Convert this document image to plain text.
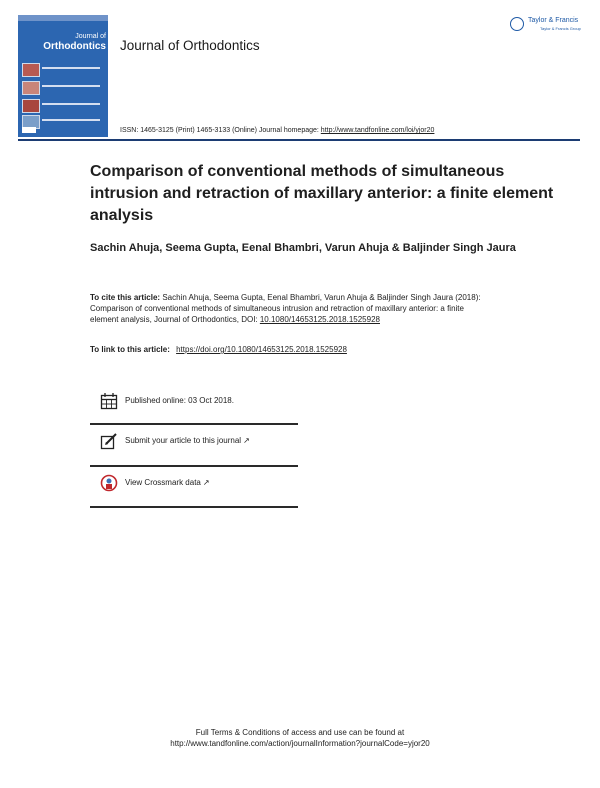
Journal of
Orthodontics Journal of Orthodontics
Taylor & Francis
Taylor & Francis Group
ISSN: 1465-3125 (Print) 1465-3133 (Online) Journal homepage: http://www.tandfonline.com/loi/yjor20
Comparison of conventional methods of simultaneous intrusion and retraction of maxillary anterior: a finite element analysis
Sachin Ahuja, Seema Gupta, Eenal Bhambri, Varun Ahuja & Baljinder Singh Jaura
To cite this article: Sachin Ahuja, Seema Gupta, Eenal Bhambri, Varun Ahuja & Baljinder Singh Jaura (2018): Comparison of conventional methods of simultaneous intrusion and retraction of maxillary anterior: a finite element analysis, Journal of Orthodontics, DOI: 10.1080/14653125.2018.1525928
To link to this article: https://doi.org/10.1080/14653125.2018.1525928
Published online: 03 Oct 2018.
Submit your article to this journal ↗
View Crossmark data ↗
Full Terms & Conditions of access and use can be found at
http://www.tandfonline.com/action/journalInformation?journalCode=yjor20
